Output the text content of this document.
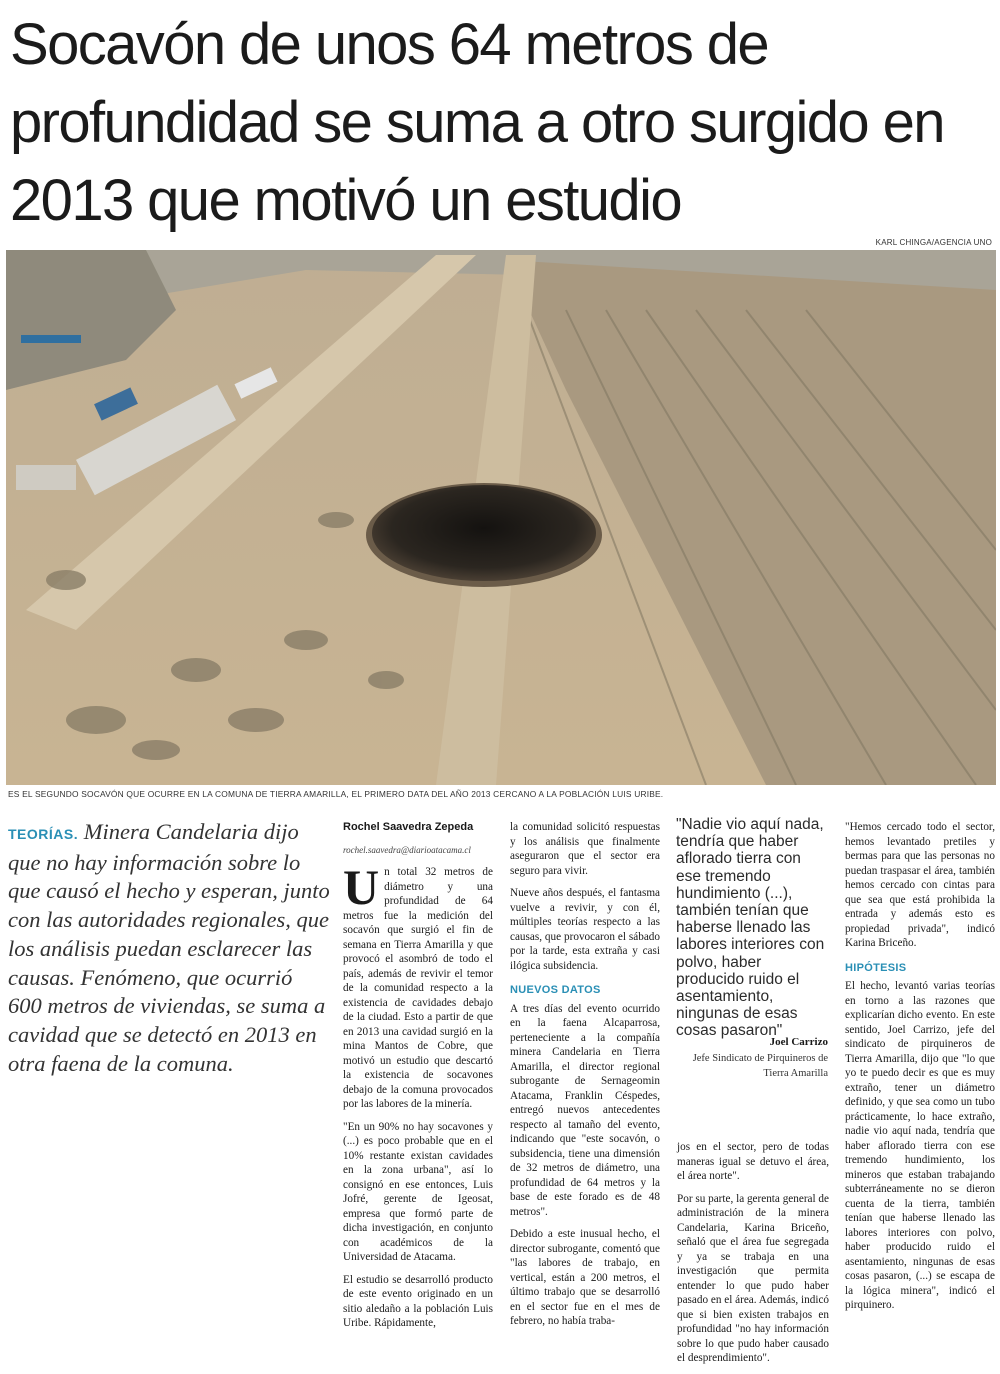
Socavón de unos 64 metros de profundidad se suma a otro surgido en 2013 que motivó un estudio
KARL CHINGA/AGENCIA UNO
ES EL SEGUNDO SOCAVÓN QUE OCURRE EN LA COMUNA DE TIERRA AMARILLA, EL PRIMERO DATA DEL AÑO 2013 CERCANO A LA POBLACIÓN LUIS URIBE.
TEORÍAS. Minera Candelaria dijo que no hay información sobre lo que causó el hecho y esperan, junto con las autoridades regionales, que los análisis puedan esclarecer las causas. Fenómeno, que ocurrió 600 metros de viviendas, se suma a cavidad que se detectó en 2013 en otra faena de la comuna.

Rochel Saavedra Zepeda

rochel.saavedra@diarioatacama.cl

U n total 32 metros de diámetro y una profundidad de 64 metros fue la medición del socavón que surgió el fin de semana en Tierra Amarilla y que provocó el asombró de todo el país, además de revivir el temor de la comunidad respecto a la existencia de cavidades debajo de la ciudad. Esto a partir de que en 2013 una cavidad surgió en la mina Mantos de Cobre, que motivó un estudio que descartó la existencia de socavones debajo de la comuna provocados por las labores de la minería.

"En un 90% no hay socavones y (...) es poco probable que en el 10% restante existan cavidades en la zona urbana", así lo consignó en ese entonces, Luis Jofré, gerente de Igeosat, empresa que formó parte de dicha investigación, en conjunto con académicos de la Universidad de Atacama.

El estudio se desarrolló producto de este evento originado en un sitio aledaño a la población Luis Uribe. Rápidamente,

la comunidad solicitó respuestas y los análisis que finalmente aseguraron que el sector era seguro para vivir.

Nueve años después, el fantasma vuelve a revivir, y con él, múltiples teorías respecto a las causas, que provocaron el sábado por la tarde, esta extraña y casi ilógica subsidencia.

NUEVOS DATOS

A tres días del evento ocurrido en la faena Alcaparrosa, perteneciente a la compañía minera Candelaria en Tierra Amarilla, el director regional subrogante de Sernageomin Atacama, Franklin Céspedes, entregó nuevos antecedentes respecto al tamaño del evento, indicando que "este socavón, o subsidencia, tiene una dimensión de 32 metros de diámetro, una profundidad de 64 metros y la base de este forado es de 48 metros".

Debido a este inusual hecho, el director subrogante, comentó que "las labores de trabajo, en vertical, están a 200 metros, el último trabajo que se desarrolló en el sector fue en el mes de febrero, no había traba-

"Nadie vio aquí nada, tendría que haber aflorado tierra con ese tremendo hundimiento (...), también tenían que haberse llenado las labores interiores con polvo, haber producido ruido el asentamiento, ningunas de esas cosas pasaron"
Joel Carrizo
Jefe Sindicato de Pirquineros de Tierra Amarilla

jos en el sector, pero de todas maneras igual se detuvo el área, el área norte".

Por su parte, la gerenta general de administración de la minera Candelaria, Karina Briceño, señaló que el área fue segregada y ya se trabaja en una investigación que permita entender lo que pudo haber pasado en el área. Además, indicó que si bien existen trabajos en profundidad "no hay información sobre lo que pudo haber causado el desprendimiento".

"Hemos cercado todo el sector, hemos levantado pretiles y bermas para que las personas no puedan traspasar el área, también hemos cercado con cintas para que sea que está prohibida la entrada y además esto es propiedad privada", indicó Karina Briceño.

HIPÓTESIS

El hecho, levantó varias teorías en torno a las razones que explicarían dicho evento. En este sentido, Joel Carrizo, jefe del sindicato de pirquineros de Tierra Amarilla, dijo que "lo que yo te puedo decir es que es muy extraño, tener un diámetro definido, y que sea como un tubo prácticamente, lo hace extraño, nadie vio aquí nada, tendría que haber aflorado tierra con ese tremendo hundimiento, los mineros que estaban trabajando subterráneamente no se dieron cuenta de la tierra, también tenían que haberse llenado las labores interiores con polvo, haber producido ruido el asentamiento, ningunas de esas cosas pasaron, (...) se escapa de la lógica minera", indicó el pirquinero.
